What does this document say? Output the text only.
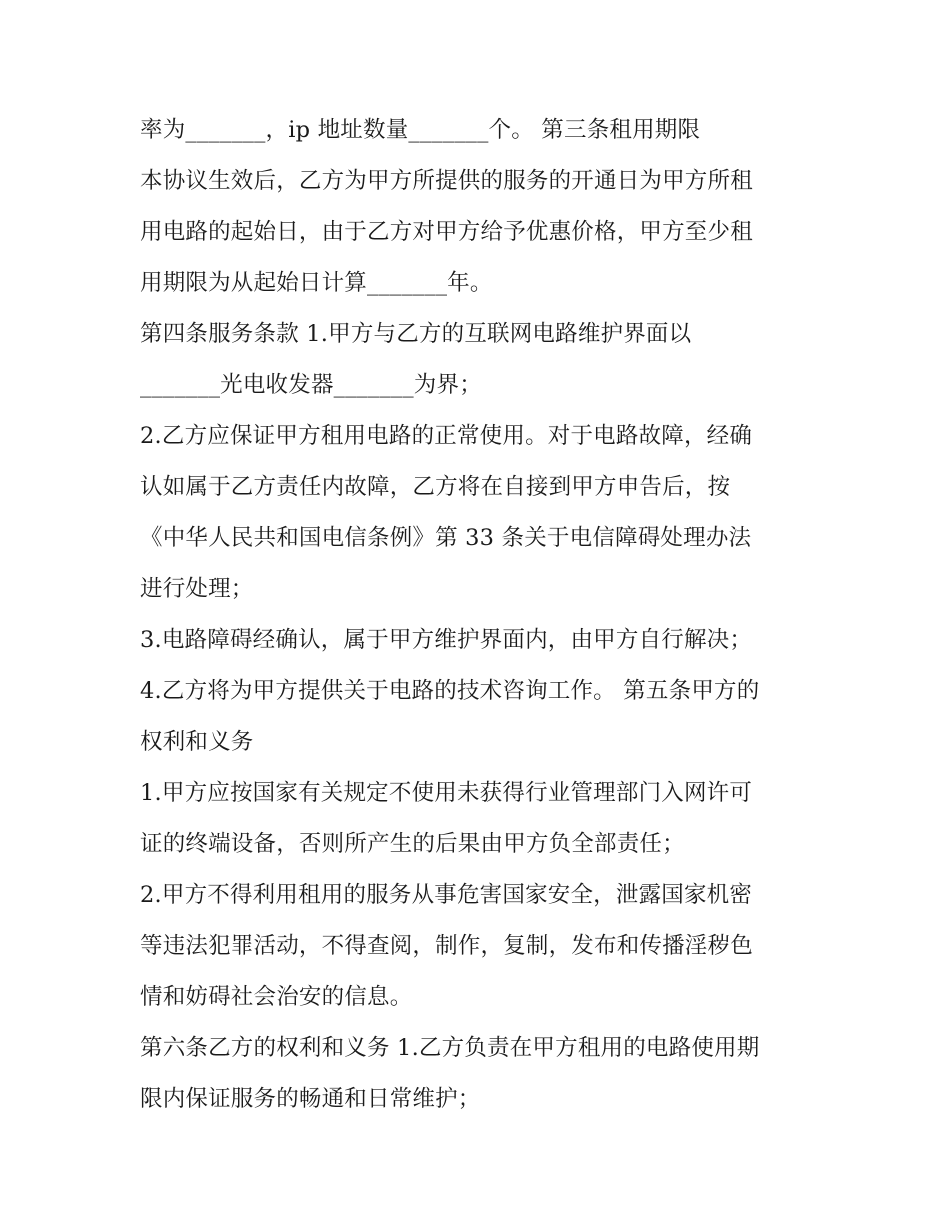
率为_______，ip 地址数量_______个。 第三条租用期限
本协议生效后，乙方为甲方所提供的服务的开通日为甲方所租
用电路的起始日，由于乙方对甲方给予优惠价格，甲方至少租
用期限为从起始日计算_______年。
第四条服务条款 1.甲方与乙方的互联网电路维护界面以
_______光电收发器_______为界；
2.乙方应保证甲方租用电路的正常使用。对于电路故障，经确
认如属于乙方责任内故障，乙方将在自接到甲方申告后，按
《中华人民共和国电信条例》第 33 条关于电信障碍处理办法
进行处理；
3.电路障碍经确认，属于甲方维护界面内，由甲方自行解决；
4.乙方将为甲方提供关于电路的技术咨询工作。 第五条甲方的
权利和义务
1.甲方应按国家有关规定不使用未获得行业管理部门入网许可
证的终端设备，否则所产生的后果由甲方负全部责任；
2.甲方不得利用租用的服务从事危害国家安全，泄露国家机密
等违法犯罪活动，不得查阅，制作，复制，发布和传播淫秽色
情和妨碍社会治安的信息。
第六条乙方的权利和义务 1.乙方负责在甲方租用的电路使用期
限内保证服务的畅通和日常维护；
